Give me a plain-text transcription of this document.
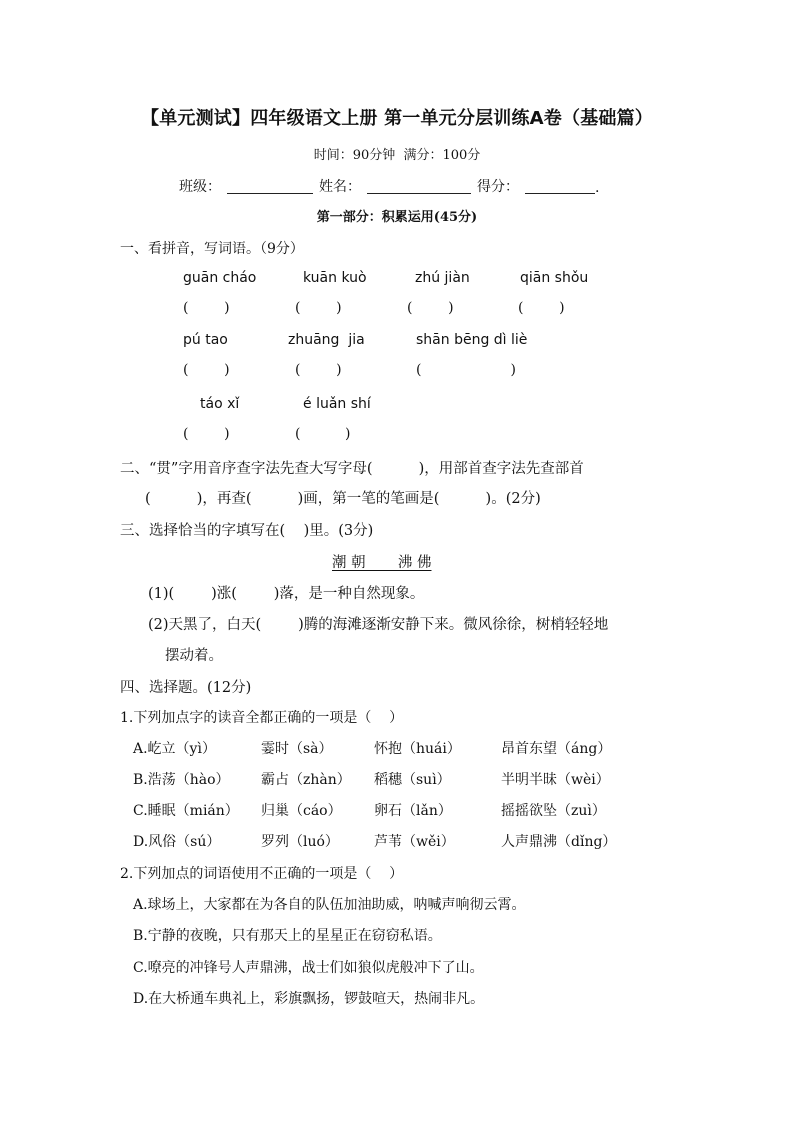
【单元测试】四年级语文上册 第一单元分层训练A卷（基础篇）
时间：90分钟  满分：100分
班级：	姓名：	得分：	.
第一部分：积累运用(45分)
一、看拼音，写词语。（9分）
guān cháo	kuān kuò	zhú jiàn	qiān shǒu
(        )	(        )	(        )	(        )
pú tao	zhuāng  jia	shān bēng dì liè
(        )	(        )	(                    )
táo xǐ	é luǎn shí
(        )	(          )
二、“贯”字用音序查字法先查大写字母(          )，用部首查字法先查部首
(          )，再查(          )画，第一笔的笔画是(          )。(2分)
三、选择恰当的字填写在(    )里。(3分)
潮 朝       沸 佛
(1)(        )涨(        )落，是一种自然现象。
(2)天黑了，白天(        )腾的海滩逐渐安静下来。微风徐徐，树梢轻轻地
摆动着。
四、选择题。(12分)
1.下列加点字的读音全都正确的一项是（    ）
A.屹立（yì）	霎时（sà）	怀抱（huái）	昂首东望（áng）
B.浩荡（hào） 霸占（zhàn） 稻穗（suì）	半明半昧（wèi）
C.睡眠（mián） 归巢（cáo） 卵石（lǎn）	摇摇欲坠（zuì）
D.风俗（sú）	罗列（luó）	芦苇（wěi）	人声鼎沸（dǐng）
2.下列加点的词语使用不正确的一项是（    ）
A.球场上，大家都在为各自的队伍加油助威，呐喊声响彻云霄。
B.宁静的夜晚，只有那天上的星星正在窃窃私语。
C.嘹亮的冲锋号人声鼎沸，战士们如狼似虎般冲下了山。
D.在大桥通车典礼上，彩旗飘扬，锣鼓喧天，热闹非凡。
